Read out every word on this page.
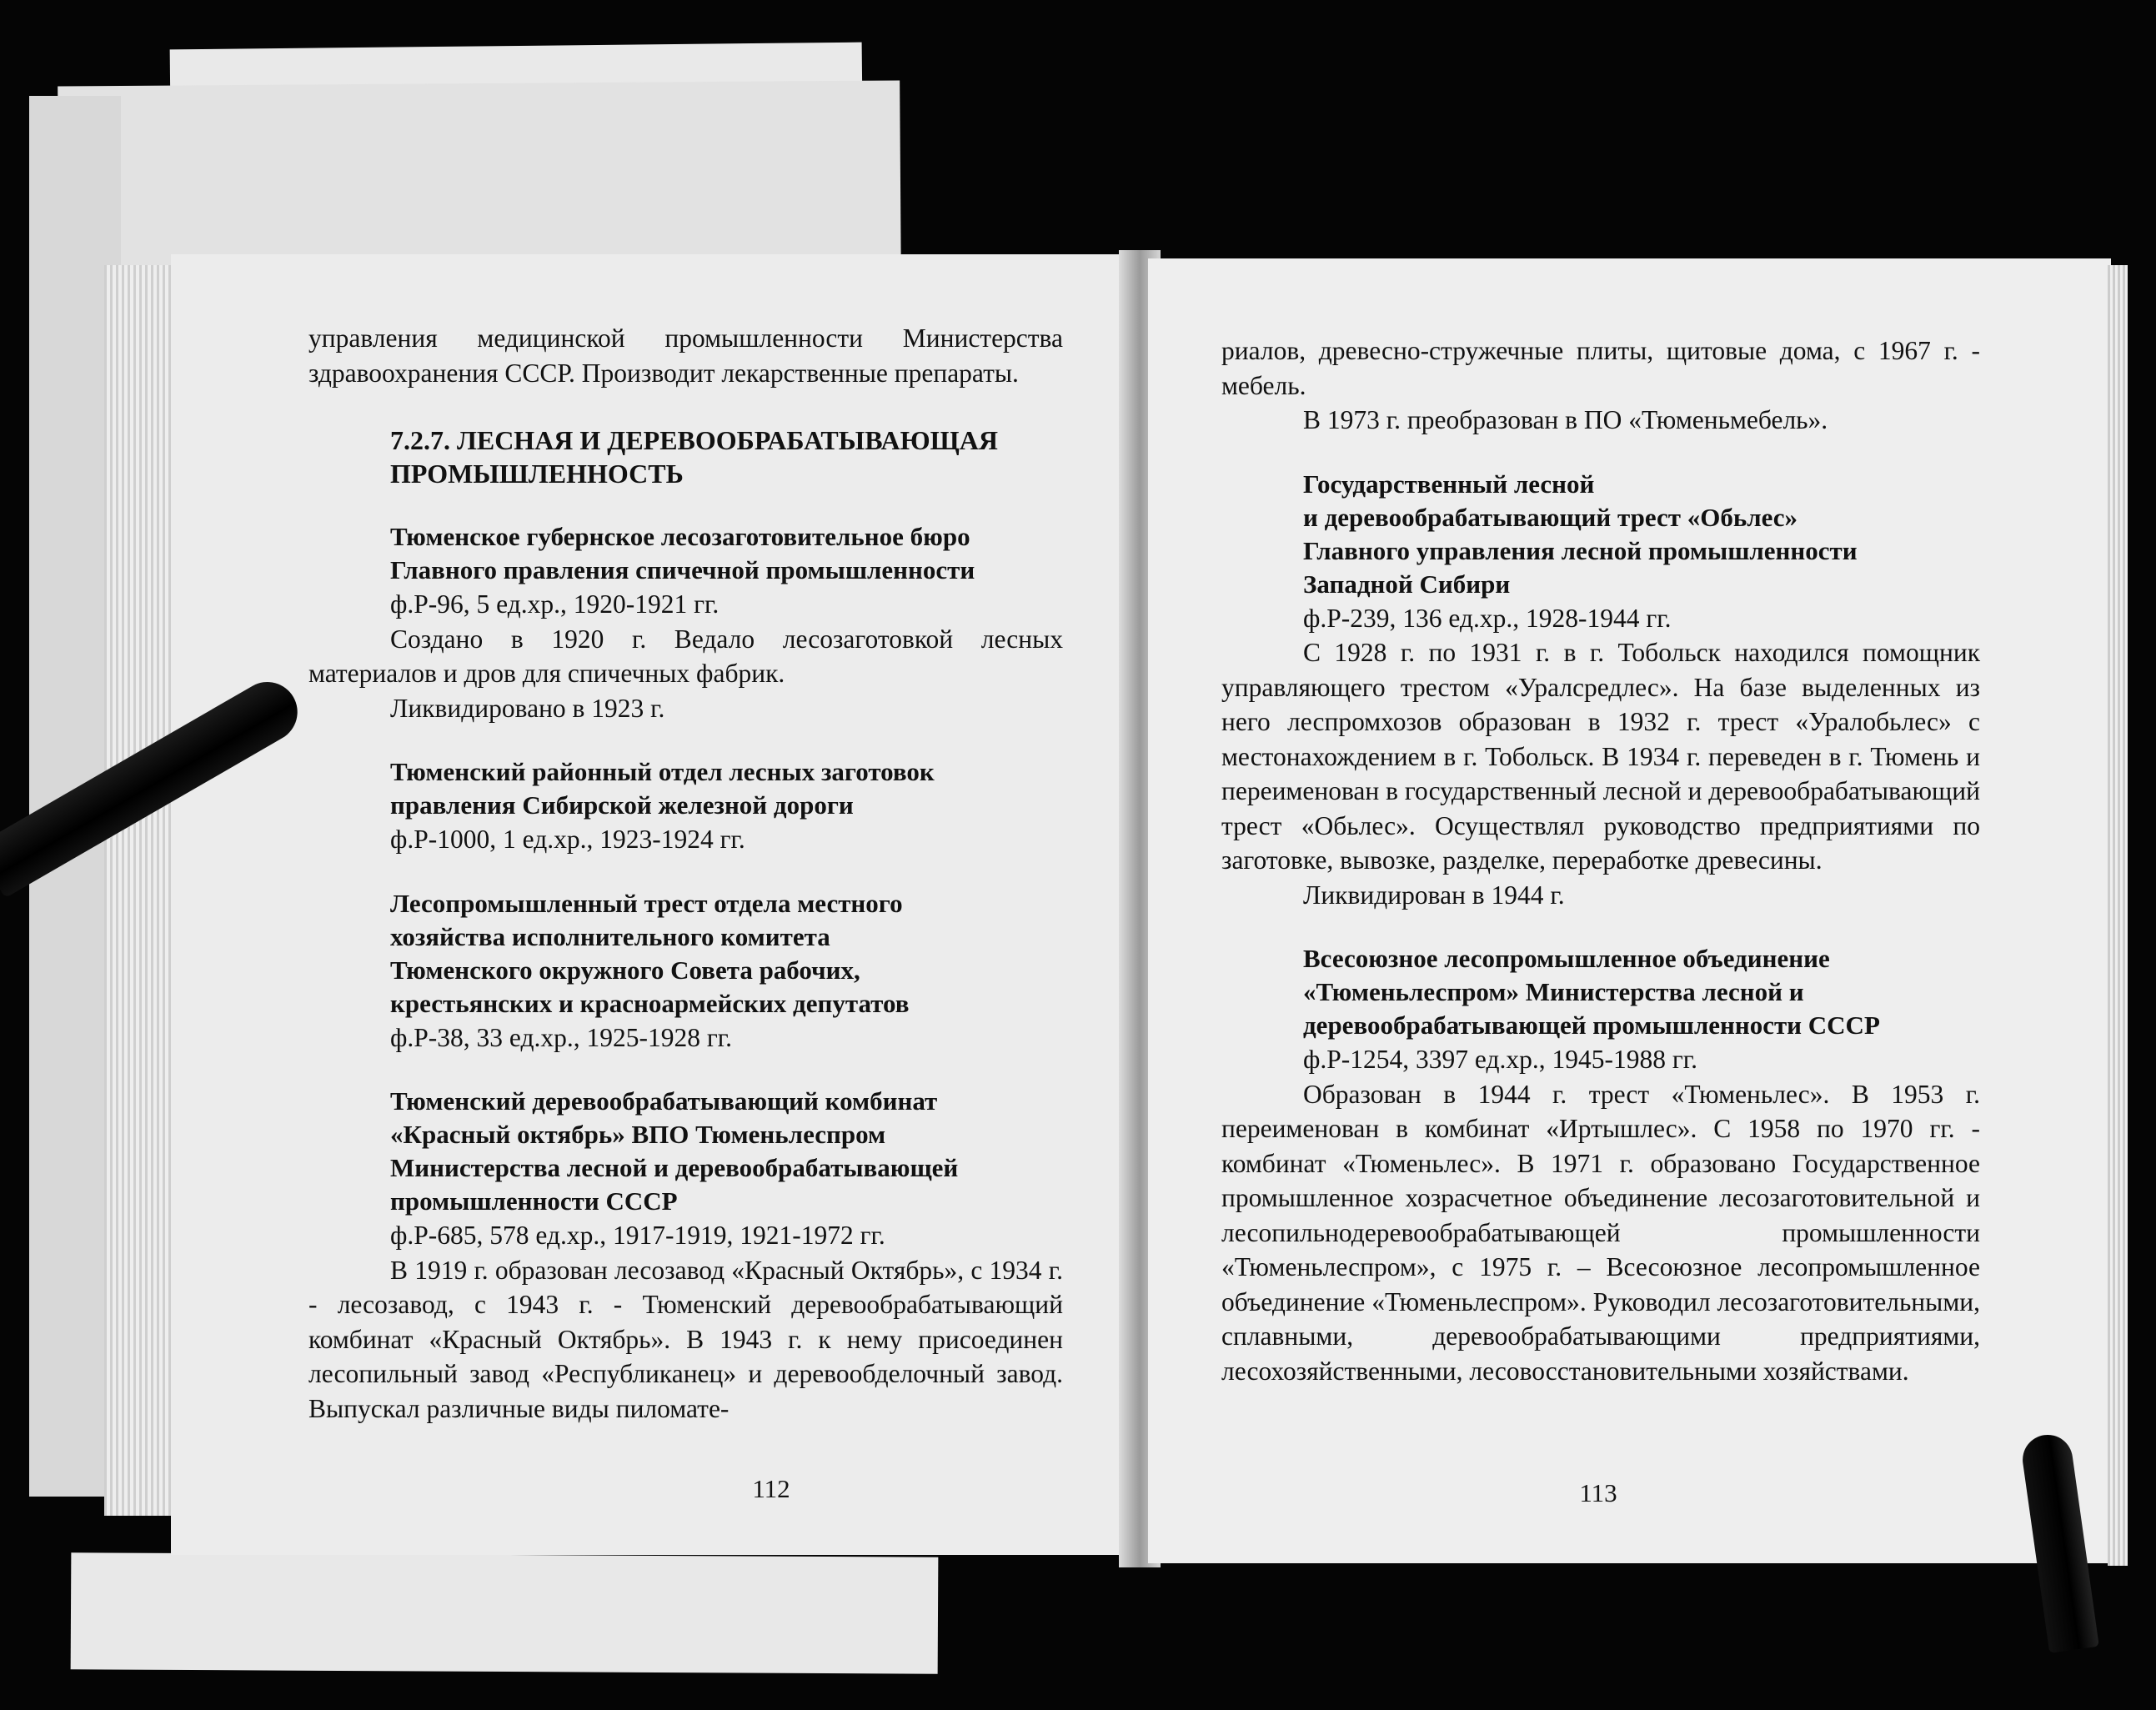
управления медицинской промышленности Министерства здравоохранения СССР. Производит лекарственные препараты.

7.2.7. ЛЕСНАЯ И ДЕРЕВООБРАБАТЫВАЮЩАЯ
ПРОМЫШЛЕННОСТЬ
Тюменское губернское лесозаготовительное бюро
Главного правления спичечной промышленности

ф.Р-96, 5 ед.хр., 1920-1921 гг.

Создано в 1920 г. Ведало лесозаготовкой лесных материалов и дров для спичечных фабрик.

Ликвидировано в 1923 г.

Тюменский районный отдел лесных заготовок
правления Сибирской железной дороги

ф.Р-1000, 1 ед.хр., 1923-1924 гг.

Лесопромышленный трест отдела местного
хозяйства исполнительного комитета
Тюменского окружного Совета рабочих,
крестьянских и красноармейских депутатов

ф.Р-38, 33 ед.хр., 1925-1928 гг.

Тюменский деревообрабатывающий комбинат
«Красный октябрь» ВПО Тюменьлеспром
Министерства лесной и деревообрабатывающей
промышленности СССР

ф.Р-685, 578 ед.хр., 1917-1919, 1921-1972 гг.

В 1919 г. образован лесозавод «Красный Октябрь», с 1934 г. - лесозавод, с 1943 г. - Тюменский деревообрабатывающий комбинат «Красный Октябрь». В 1943 г. к нему присоединен лесопильный завод «Республиканец» и деревообделочный завод. Выпускал различные виды пиломате-

112

риалов, древесно-стружечные плиты, щитовые дома, с 1967 г. - мебель.

В 1973 г. преобразован в ПО «Тюменьмебель».

Государственный лесной
и деревообрабатывающий трест «Обьлес»
Главного управления лесной промышленности
Западной Сибири

ф.Р-239, 136 ед.хр., 1928-1944 гг.

С 1928 г. по 1931 г. в г. Тобольск находился помощник управляющего трестом «Уралсредлес». На базе выделенных из него леспромхозов образован в 1932 г. трест «Уралобьлес» с местонахождением в г. Тобольск. В 1934 г. переведен в г. Тюмень и переименован в государственный лесной и деревообрабатывающий трест «Обьлес». Осуществлял руководство предприятиями по заготовке, вывозке, разделке, переработке древесины.

Ликвидирован в 1944 г.

Всесоюзное лесопромышленное объединение
«Тюменьлеспром» Министерства лесной и
деревообрабатывающей промышленности СССР

ф.Р-1254, 3397 ед.хр., 1945-1988 гг.

Образован в 1944 г. трест «Тюменьлес». В 1953 г. переименован в комбинат «Иртышлес». С 1958 по 1970 гг. - комбинат «Тюменьлес». В 1971 г. образовано Государственное промышленное хозрасчетное объединение лесозаготовительной и лесопильнодеревообрабатывающей промышленности «Тюменьлеспром», с 1975 г. – Всесоюзное лесопромышленное объединение «Тюменьлеспром». Руководил лесозаготовительными, сплавными, деревообрабатывающими предприятиями, лесохозяйственными, лесовосстановительными хозяйствами.

113
